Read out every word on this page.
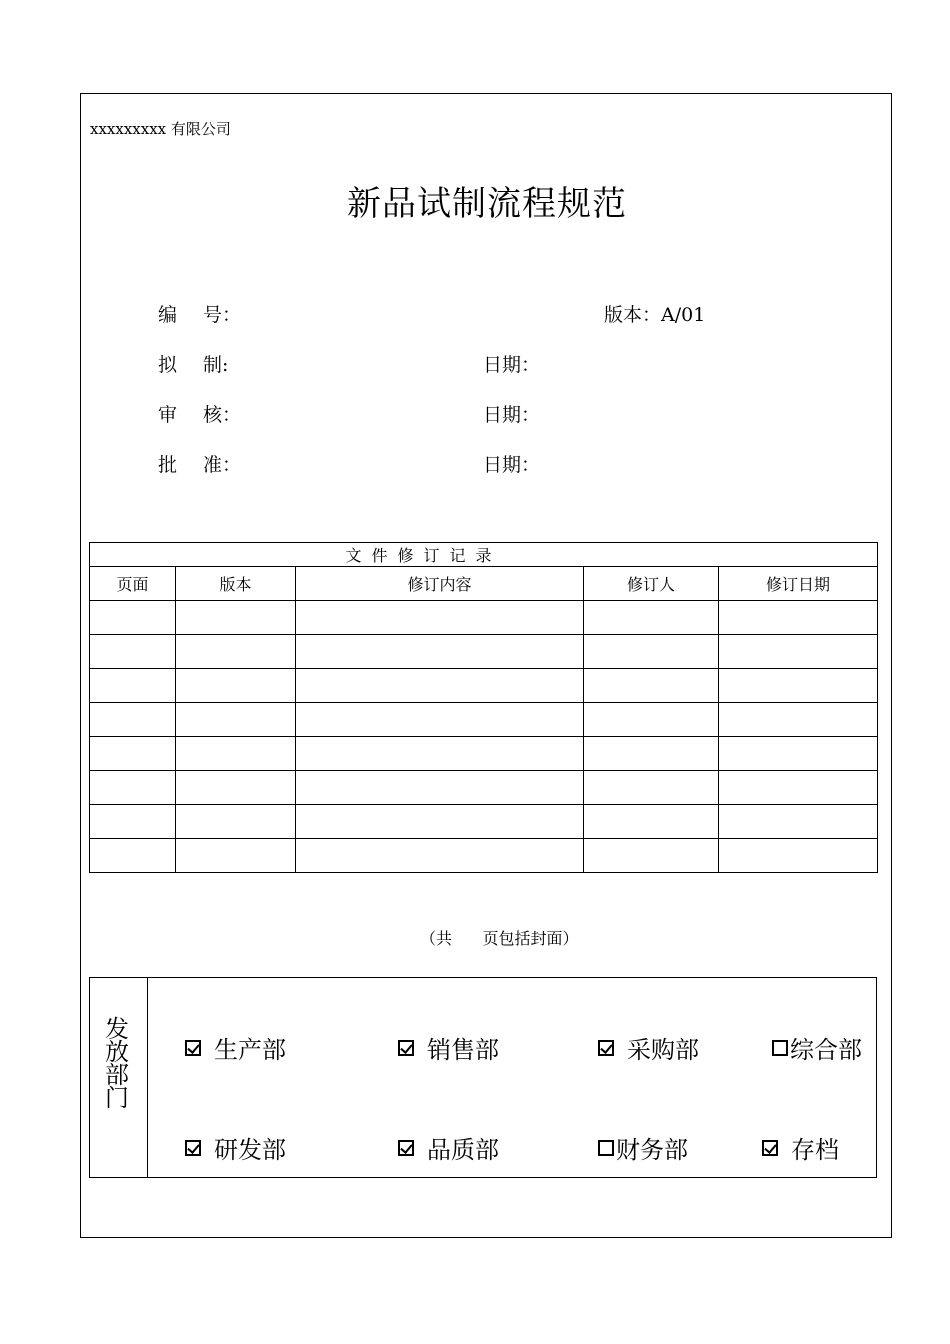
xxxxxxxxx 有限公司
新品试制流程规范
编 号：	版本：A/01
拟 制:	日期：
审 核：	日期：
批 准：	日期：
文件修订记录				
页面	版本	修订内容	修订人	修订日期

（共      页包括封面）
发
放
部
门
生产部	销售部	采购部	综合部
研发部	品质部	财务部	存档
